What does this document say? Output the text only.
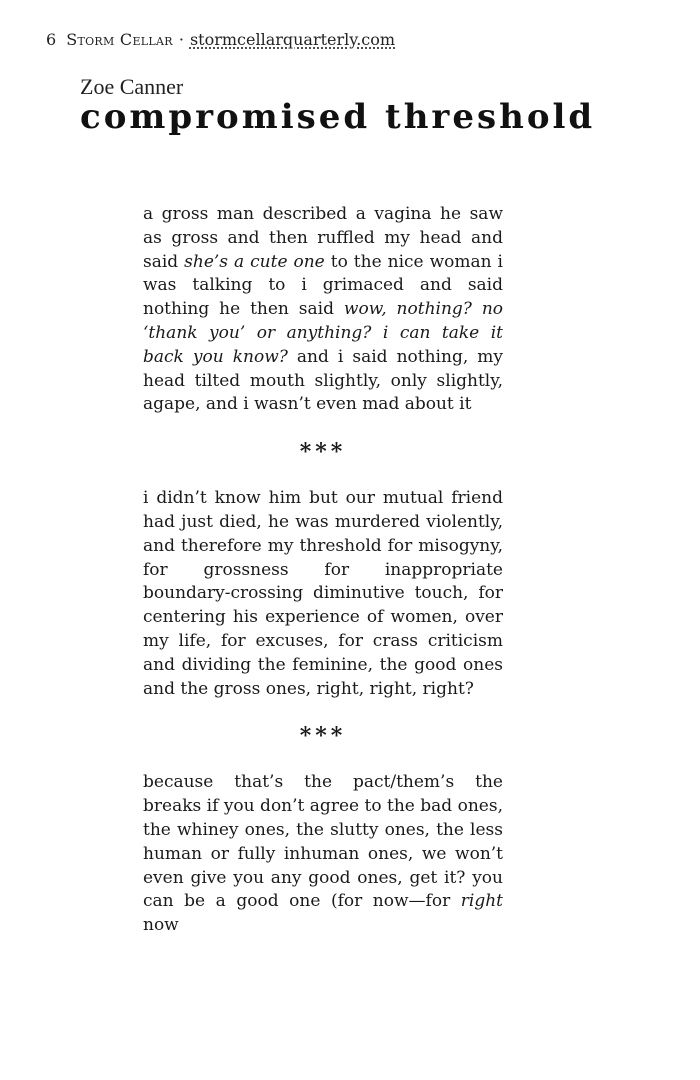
6 Storm Cellar · stormcellarquarterly.com
Zoe Canner
compromised threshold

a gross man described a vagina he saw as gross and then ruffled my head and said she’s a cute one to the nice woman i was talking to i grimaced and said nothing he then said wow, nothing? no ‘thank you’ or anything? i can take it back you know? and i said nothing, my head tilted mouth slightly, only slightly, agape, and i wasn’t even mad about it

***

i didn’t know him but our mutual friend had just died, he was murdered violently, and therefore my threshold for misogyny, for grossness for inappropriate boundary-crossing diminutive touch, for centering his experience of women, over my life, for excuses, for crass criticism and dividing the feminine, the good ones and the gross ones, right, right, right?

***

because that’s the pact/them’s the breaks if you don’t agree to the bad ones, the whiney ones, the slutty ones, the less human or fully inhuman ones, we won’t even give you any good ones, get it? you can be a good one (for now—for right now
